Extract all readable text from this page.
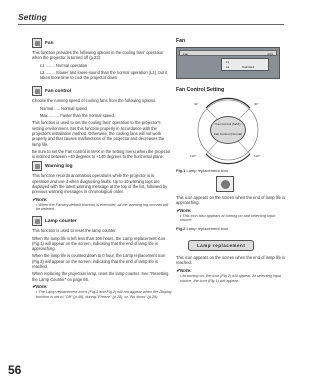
Setting
Fan
This function provides the following options in the cooling fans' operation when the projector is turned off (p.23):
L1 ........ Normal operation
L2 ........ Slower and lower-sound than the normal operation (L1), but it takes more time to cool the projector down.
Fan control
Choose the running speed of cooling fans from the following options.
Normal ..... Normal speed
Max ......... Faster than the normal speed.
This function is used to set the cooling fans' operation to the projector's setting environment. Set this function properly in accordance with the projector's installation method. Otherwise, the cooling fans will not work properly and that causes malfunctions of the projector and decreases the lamp life.
Be sure to set the Fan control in MAX in the setting menu when the projector is inclined between +40 degrees to +140 degrees to the horizontal plane.
Warning log
This function records anomalous operations while the projector is in operation and use it when diagnosing faults. Up to 10 warning logs are displayed with the latest warning message at the top of the list, followed by previous warning messages in chronological order.
✔Note:
• When the Factory default function is executed, all the warning log records will be deleted.
Lamp counter
This function is used to reset the lamp counter.
When the lamp life is left less than 100 hours, the Lamp replacement icon (Fig.1) will appear on the screen, indicating that the end of lamp life is approaching.
When the lamp life is counted down to 0 hour, the Lamp replacement icon (Fig.2) will appear on the screen, indicating that the end of lamp life is reached.
When replacing the projection lamp, reset the lamp counter. See "Resetting the Lamp Counter" on page 66.
✔Note:
• The Lamp replacement icons (Fig.1 and Fig.2) will not appear when the Display function is set to "Off" (p.49), during "Freeze" (p.28), or "No show" (p.29).
Fan
Fan	4/16
L1
L2	Standard
Fan Control Setting
Fan Control (MAX)
Fan Control (Normal)
40°	40°
140°	140°
Fig.1 Lamp replacement icon
This icon appears on the screen when the end of lamp life is approaching.
✔Note:
• This icon also appears at turning on and selecting input source.
Fig.2 Lamp replacement icon
Lamp replacement
This icon appears on the screen when the end of lamp life is reached.
✔Note:
• At turning on, the icon (Fig.2) will appear. At selecting input source, the icon (Fig.1) will appear.
56
